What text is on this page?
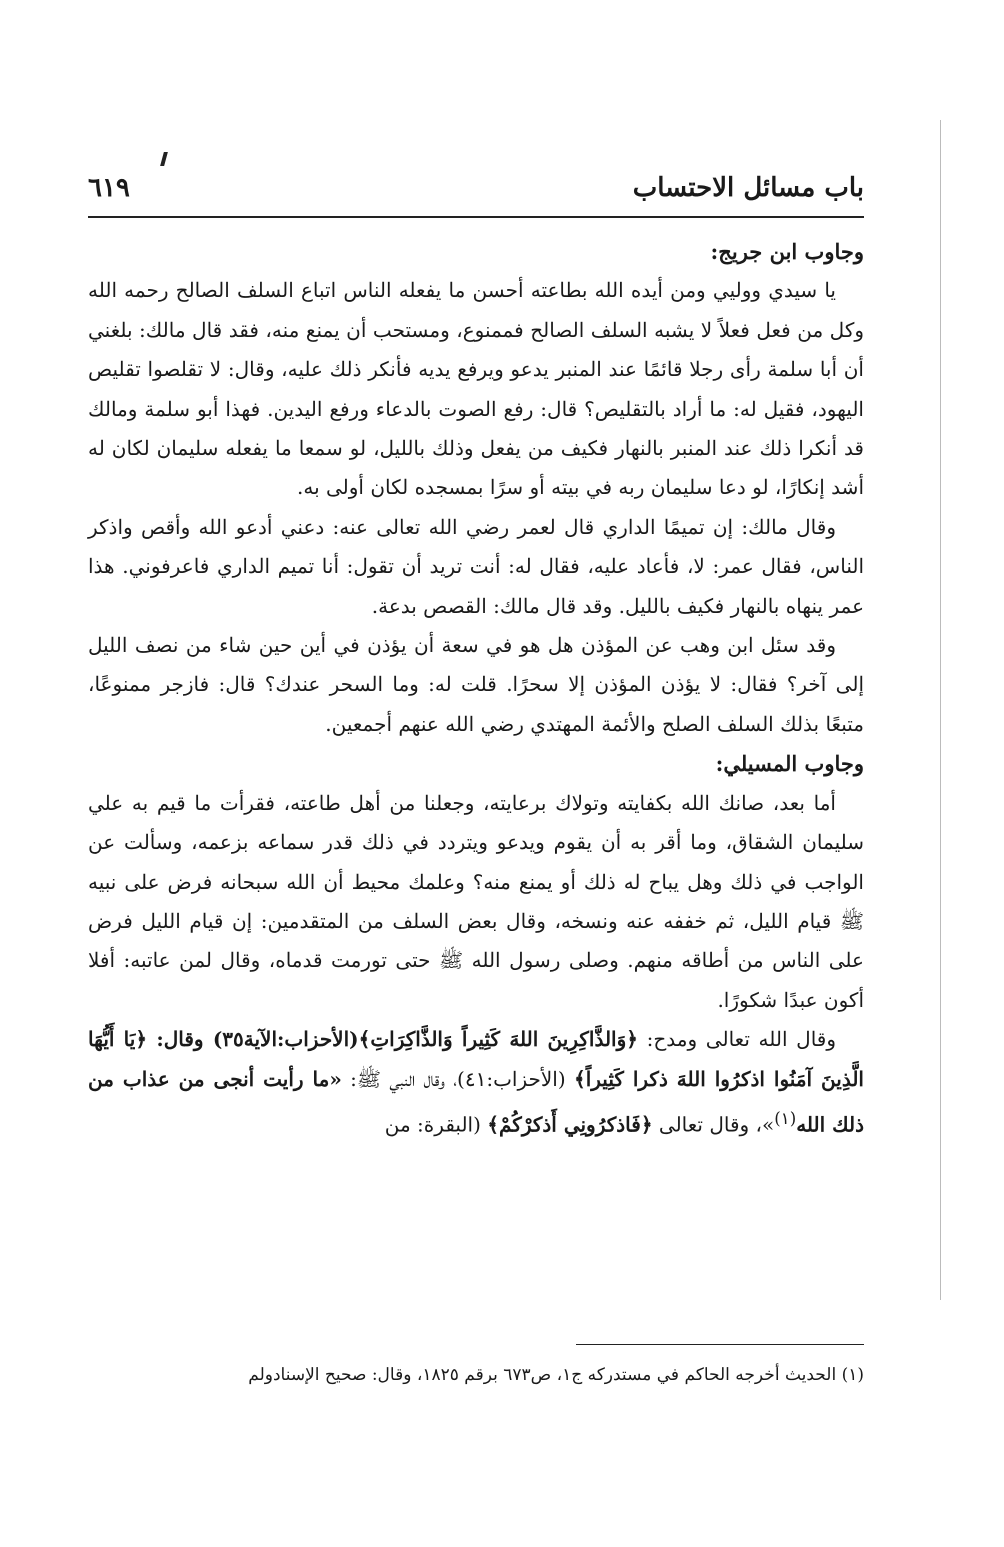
باب مسائل الاحتساب
٦١٩

وجاوب ابن جريج:

يا سيدي ووليي ومن أيده الله بطاعته أحسن ما يفعله الناس اتباع السلف الصالح رحمه الله وكل من فعل فعلاً لا يشبه السلف الصالح فممنوع، ومستحب أن يمنع منه، فقد قال مالك: بلغني أن أبا سلمة رأى رجلا قائمًا عند المنبر يدعو ويرفع يديه فأنكر ذلك عليه، وقال: لا تقلصوا تقليص اليهود، فقيل له: ما أراد بالتقليص؟ قال: رفع الصوت بالدعاء ورفع اليدين. فهذا أبو سلمة ومالك قد أنكرا ذلك عند المنبر بالنهار فكيف من يفعل وذلك بالليل، لو سمعا ما يفعله سليمان لكان له أشد إنكارًا، لو دعا سليمان ربه في بيته أو سرًا بمسجده لكان أولى به.

وقال مالك: إن تميمًا الداري قال لعمر رضي الله تعالى عنه: دعني أدعو الله وأقص واذكر الناس، فقال عمر: لا، فأعاد عليه، فقال له: أنت تريد أن تقول: أنا تميم الداري فاعرفوني. هذا عمر ينهاه بالنهار فكيف بالليل. وقد قال مالك: القصص بدعة.

وقد سئل ابن وهب عن المؤذن هل هو في سعة أن يؤذن في أين حين شاء من نصف الليل إلى آخر؟ فقال: لا يؤذن المؤذن إلا سحرًا. قلت له: وما السحر عندك؟ قال: فازجر ممنوعًا، متبعًا بذلك السلف الصلح والأئمة المهتدي رضي الله عنهم أجمعين.

وجاوب المسيلي:

أما بعد، صانك الله بكفايته وتولاك برعايته، وجعلنا من أهل طاعته، فقرأت ما قيم به علي سليمان الشقاق، وما أقر به أن يقوم ويدعو ويتردد في ذلك قدر سماعه بزعمه، وسألت عن الواجب في ذلك وهل يباح له ذلك أو يمنع منه؟ وعلمك محيط أن الله سبحانه فرض على نبيه ﷺ قيام الليل، ثم خففه عنه ونسخه، وقال بعض السلف من المتقدمين: إن قيام الليل فرض على الناس من أطاقه منهم. وصلى رسول الله ﷺ حتى تورمت قدماه، وقال لمن عاتبه: أفلا أكون عبدًا شكورًا.

وقال الله تعالى ومدح: ﴿وَالذَّاكِرِينَ اللهَ كَثِيراً وَالذَّاكِرَاتِ﴾(الأحزاب:الآية٣٥) وقال: ﴿يَا أَيُّهَا الَّذِينَ آمَنُوا اذكرُوا اللهَ ذكرا كَثِيراً﴾ (الأحزاب:٤١)، وقال النبي ﷺ: «ما رأيت أنجى من عذاب من ذلك الله$^{(١)}$»، وقال تعالى ﴿فَاذكرُونِي أَذكرْكُمْ﴾ (البقرة: من

(١) الحديث أخرجه الحاكم في مستدركه ج١، ص٦٧٣ برقم ١٨٢٥، وقال: صحيح الإسنادولم
